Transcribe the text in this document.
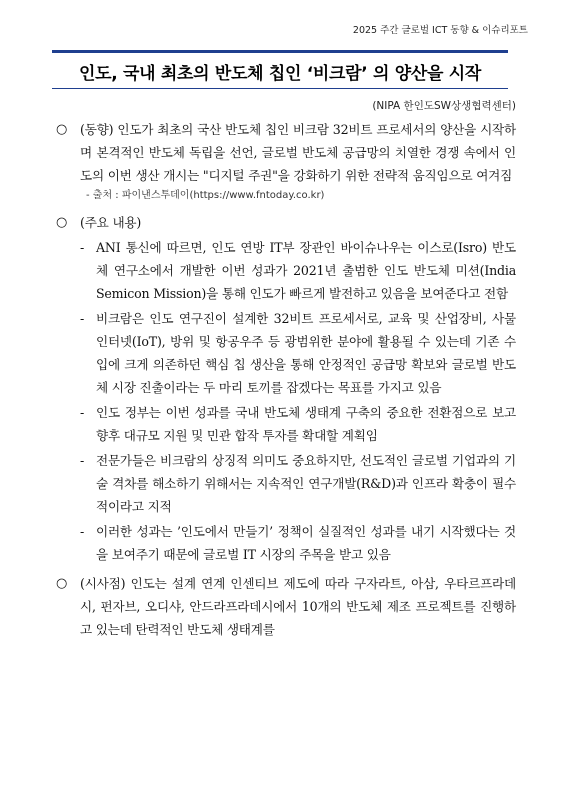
2025 주간 글로벌 ICT 동향 & 이슈리포트
인도, 국내 최초의 반도체 칩인 ‘비크람’ 의 양산을 시작
(NIPA 한인도SW상생협력센터)
○ (동향) 인도가 최초의 국산 반도체 칩인 비크람 32비트 프로세서의 양산을 시작하며 본격적인 반도체 독립을 선언, 글로벌 반도체 공급망의 치열한 경쟁 속에서 인도의 이번 생산 개시는 "디지털 주권"을 강화하기 위한 전략적 움직임으로 여겨짐
- 출처 : 파이낸스투데이(https://www.fntoday.co.kr)
○ (주요 내용)
- ANI 통신에 따르면, 인도 연방 IT부 장관인 바이슈나우는 이스로(Isro) 반도체 연구소에서 개발한 이번 성과가 2021년 출범한 인도 반도체 미션(India Semicon Mission)을 통해 인도가 빠르게 발전하고 있음을 보여준다고 전함
- 비크람은 인도 연구진이 설계한 32비트 프로세서로, 교육 및 산업장비, 사물 인터넷(IoT), 방위 및 항공우주 등 광범위한 분야에 활용될 수 있는데 기존 수입에 크게 의존하던 핵심 칩 생산을 통해 안정적인 공급망 확보와 글로벌 반도체 시장 진출이라는 두 마리 토끼를 잡겠다는 목표를 가지고 있음
- 인도 정부는 이번 성과를 국내 반도체 생태계 구축의 중요한 전환점으로 보고 향후 대규모 지원 및 민관 합작 투자를 확대할 계획임
- 전문가들은 비크람의 상징적 의미도 중요하지만, 선도적인 글로벌 기업과의 기술 격차를 해소하기 위해서는 지속적인 연구개발(R&D)과 인프라 확충이 필수적이라고 지적
- 이러한 성과는 ’인도에서 만들기’ 정책이 실질적인 성과를 내기 시작했다는 것을 보여주기 때문에 글로벌 IT 시장의 주목을 받고 있음
○ (시사점) 인도는 설계 연계 인센티브 제도에 따라 구자라트, 아삼, 우타르프라데시, 펀자브, 오디샤, 안드라프라데시에서 10개의 반도체 제조 프로젝트를 진행하고 있는데 탄력적인 반도체 생태계를
